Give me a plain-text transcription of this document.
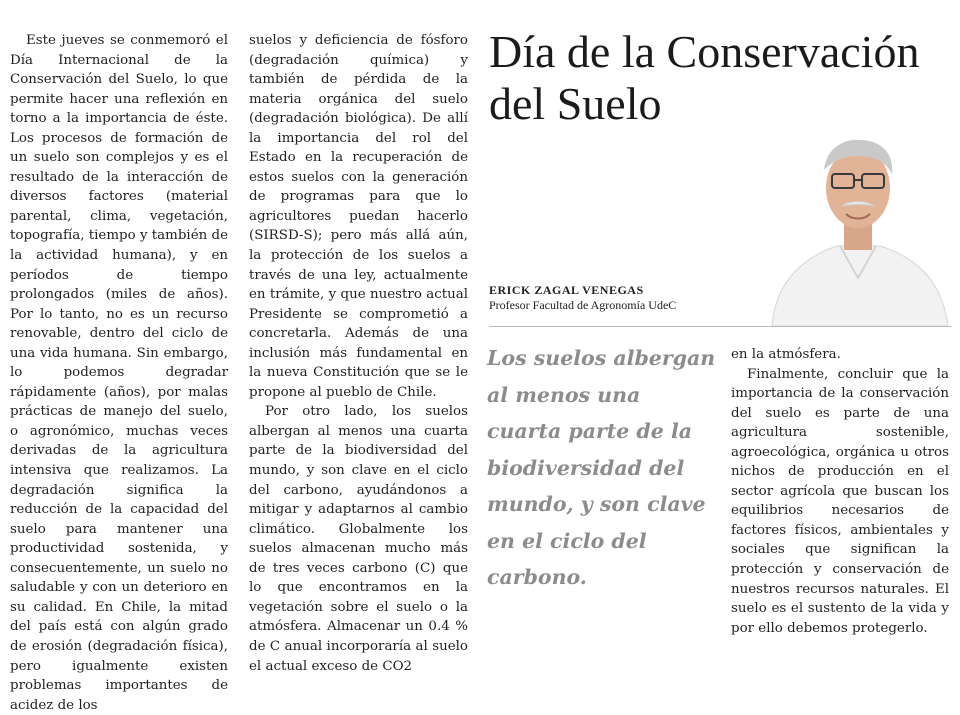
Este jueves se conmemoró el Día Internacional de la Conservación del Suelo, lo que permite hacer una reflexión en torno a la importancia de éste. Los procesos de formación de un suelo son complejos y es el resultado de la interacción de diversos factores (material parental, clima, vegetación, topografía, tiempo y también de la actividad humana), y en períodos de tiempo prolongados (miles de años). Por lo tanto, no es un recurso renovable, dentro del ciclo de una vida humana. Sin embargo, lo podemos degradar rápidamente (años), por malas prácticas de manejo del suelo, o agronómico, muchas veces derivadas de la agricultura intensiva que realizamos. La degradación significa la reducción de la capacidad del suelo para mantener una productividad sostenida, y consecuentemente, un suelo no saludable y con un deterioro en su calidad. En Chile, la mitad del país está con algún grado de erosión (degradación física), pero igualmente existen problemas importantes de acidez de los

suelos y deficiencia de fósforo (degradación química) y también de pérdida de la materia orgánica del suelo (degradación biológica). De allí la importancia del rol del Estado en la recuperación de estos suelos con la generación de programas para que lo agricultores puedan hacerlo (SIRSD-S); pero más allá aún, la protección de los suelos a través de una ley, actualmente en trámite, y que nuestro actual Presidente se comprometió a concretarla. Además de una inclusión más fundamental en la nueva Constitución que se le propone al pueblo de Chile.

Por otro lado, los suelos albergan al menos una cuarta parte de la biodiversidad del mundo, y son clave en el ciclo del carbono, ayudándonos a mitigar y adaptarnos al cambio climático. Globalmente los suelos almacenan mucho más de tres veces carbono (C) que lo que encontramos en la vegetación sobre el suelo o la atmósfera. Almacenar un 0.4 % de C anual incorporaría al suelo el actual exceso de CO2

Día de la Conservación del Suelo
ERICK ZAGAL VENEGAS
Profesor Facultad de Agronomía UdeC

Los suelos albergan al menos una cuarta parte de la biodiversidad del mundo, y son clave en el ciclo del carbono.

en la atmósfera.

Finalmente, concluir que la importancia de la conservación del suelo es parte de una agricultura sostenible, agroecológica, orgánica u otros nichos de producción en el sector agrícola que buscan los equilibrios necesarios de factores físicos, ambientales y sociales que significan la protección y conservación de nuestros recursos naturales. El suelo es el sustento de la vida y por ello debemos protegerlo.
